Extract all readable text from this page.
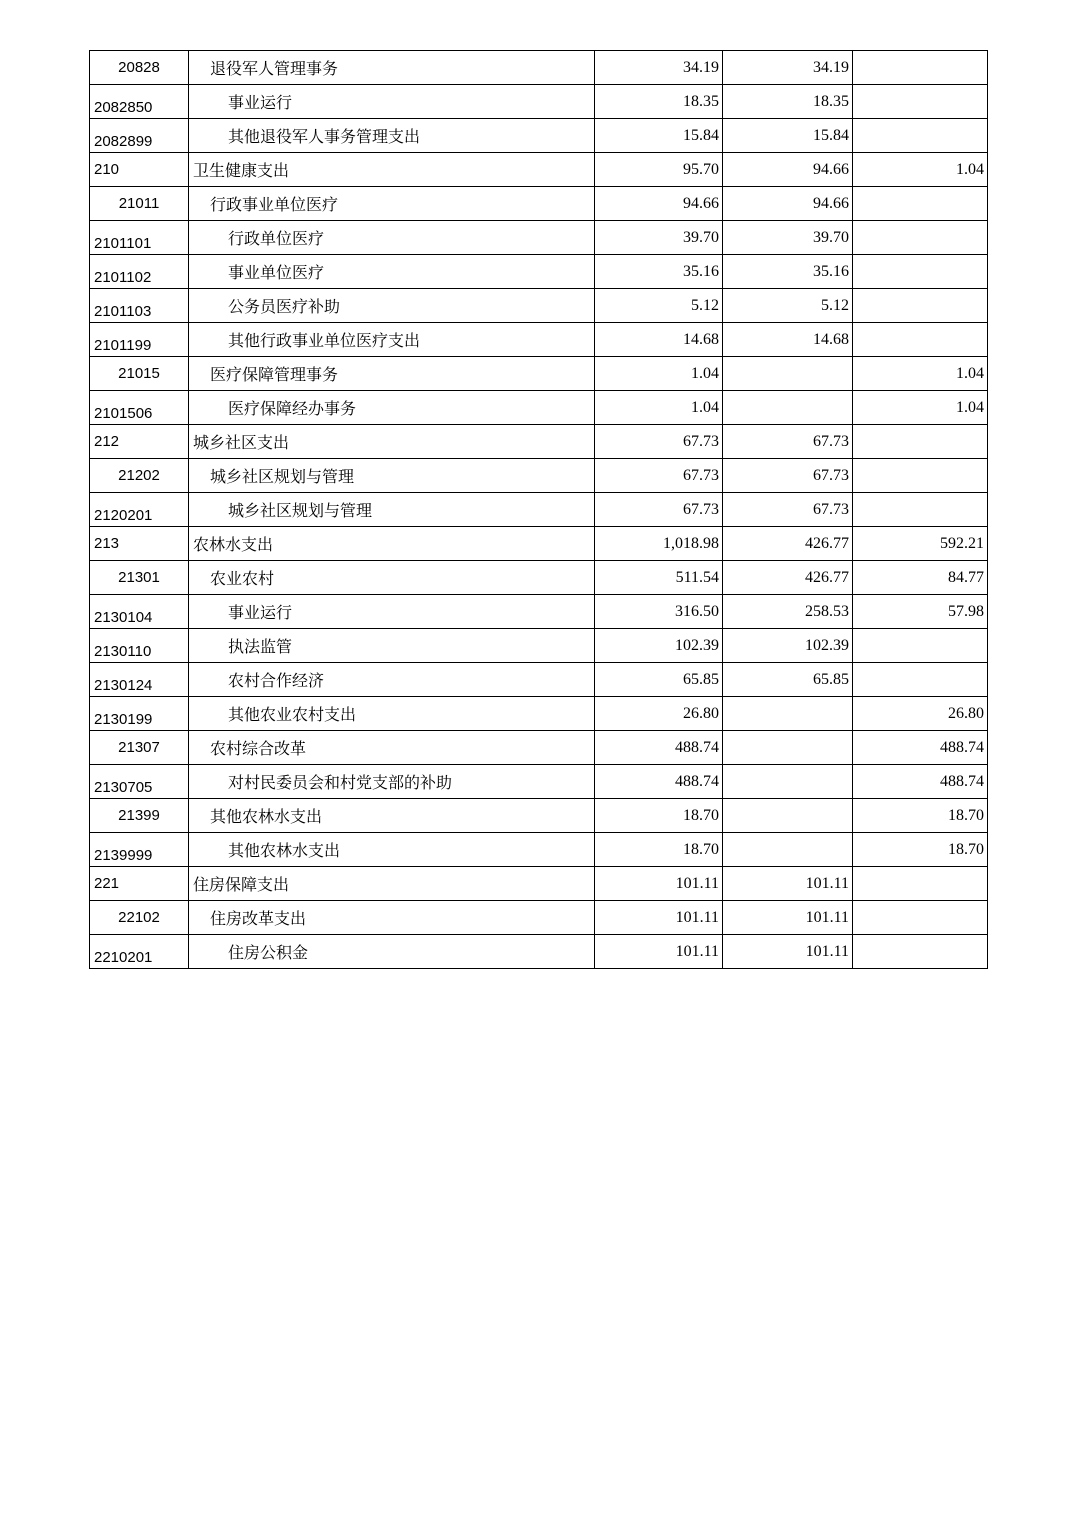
20828	退役军人管理事务	34.19	34.19	
2082850	事业运行	18.35	18.35	
2082899	其他退役军人事务管理支出	15.84	15.84	
210	卫生健康支出	95.70	94.66	1.04
21011	行政事业单位医疗	94.66	94.66	
2101101	行政单位医疗	39.70	39.70	
2101102	事业单位医疗	35.16	35.16	
2101103	公务员医疗补助	5.12	5.12	
2101199	其他行政事业单位医疗支出	14.68	14.68	
21015	医疗保障管理事务	1.04		1.04
2101506	医疗保障经办事务	1.04		1.04
212	城乡社区支出	67.73	67.73	
21202	城乡社区规划与管理	67.73	67.73	
2120201	城乡社区规划与管理	67.73	67.73	
213	农林水支出	1,018.98	426.77	592.21
21301	农业农村	511.54	426.77	84.77
2130104	事业运行	316.50	258.53	57.98
2130110	执法监管	102.39	102.39	
2130124	农村合作经济	65.85	65.85	
2130199	其他农业农村支出	26.80		26.80
21307	农村综合改革	488.74		488.74
2130705	对村民委员会和村党支部的补助	488.74		488.74
21399	其他农林水支出	18.70		18.70
2139999	其他农林水支出	18.70		18.70
221	住房保障支出	101.11	101.11	
22102	住房改革支出	101.11	101.11	
2210201	住房公积金	101.11	101.11	
